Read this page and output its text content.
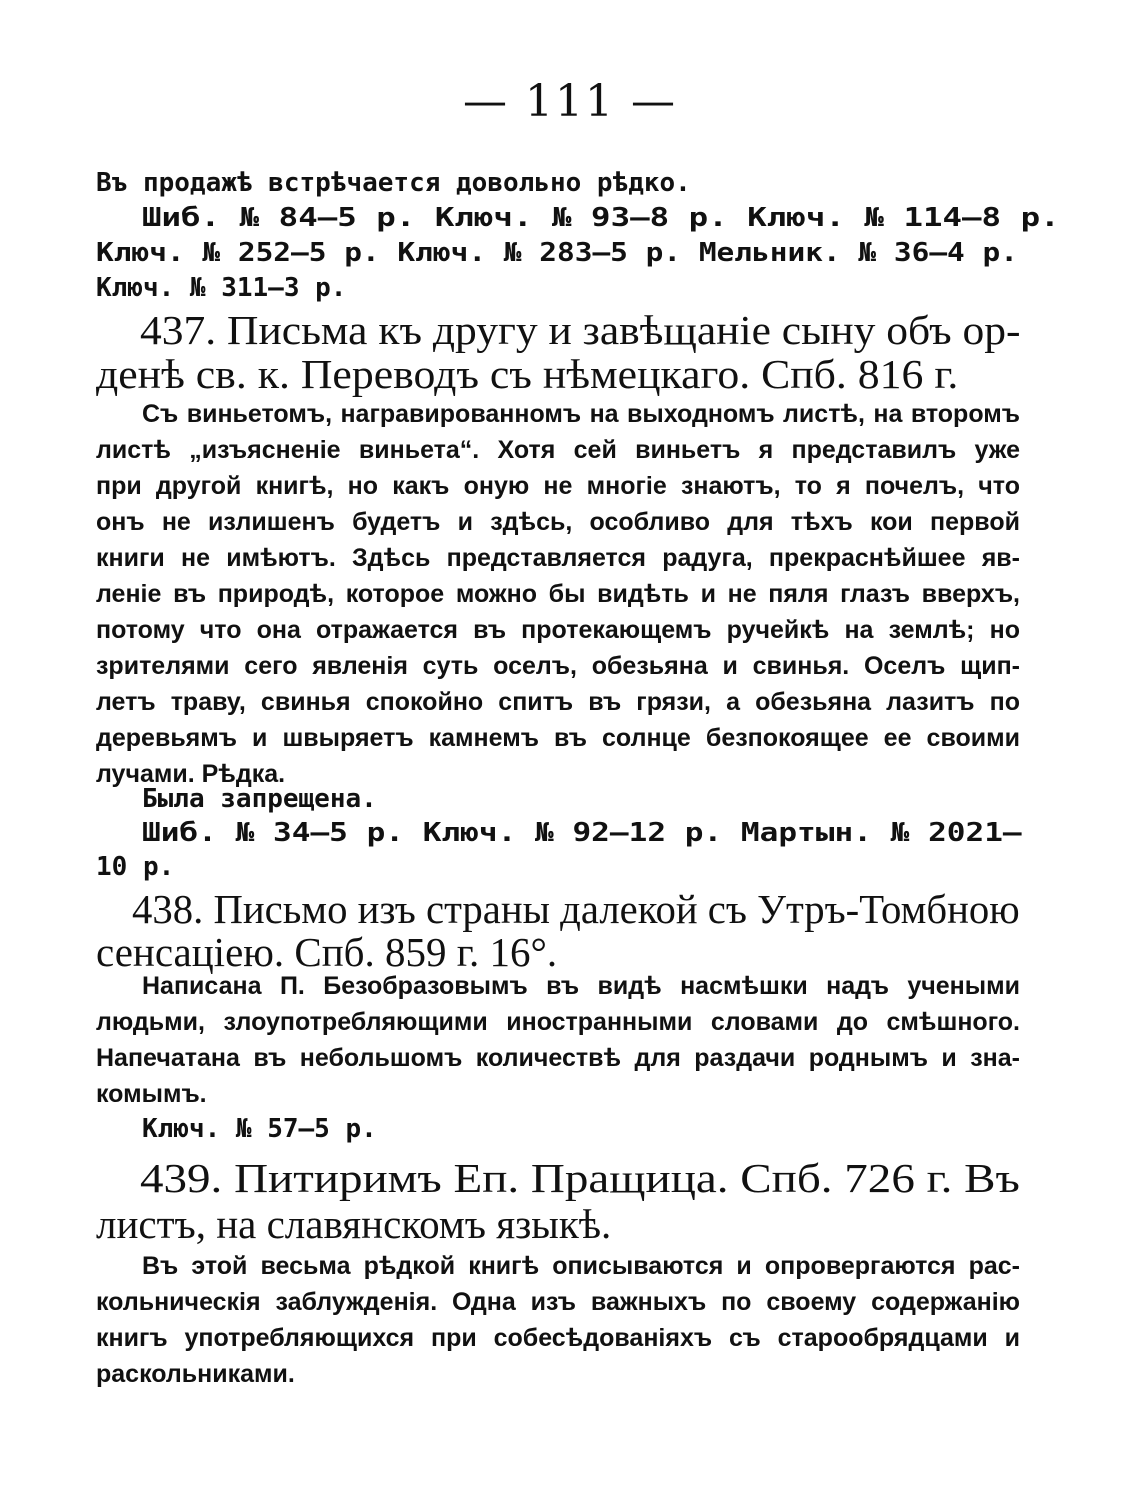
— 111 —
Въ продажѣ встрѣчается довольно рѣдко.
Шиб. № 84—5 р. Ключ. № 93—8 р. Ключ. № 114—8 р.
Ключ. № 252—5 р. Ключ. № 283—5 р. Мельник. № 36—4 р.
Ключ. № 311—3 р.
437. Письма къ другу и завѣщаніе сыну объ ор-
денѣ св. к. Переводъ съ нѣмецкаго. Спб. 816 г.
Съ виньетомъ, награвированномъ на выходномъ листѣ, на второмъ
листѣ „изъясненіе виньета“. Хотя сей виньетъ я представилъ уже
при другой книгѣ, но какъ оную не многіе знаютъ, то я почелъ, что
онъ не излишенъ будетъ и здѣсь, особливо для тѣхъ кои первой
книги не имѣютъ. Здѣсь представляется радуга, прекраснѣйшее яв-
леніе въ природѣ, которое можно бы видѣть и не пяля глазъ вверхъ,
потому что она отражается въ протекающемъ ручейкѣ на землѣ; но
зрителями сего явленія суть оселъ, обезьяна и свинья. Оселъ щип-
летъ траву, свинья спокойно спитъ въ грязи, а обезьяна лазитъ по
деревьямъ и швыряетъ камнемъ въ солнце безпокоящее ее своими
лучами. Рѣдка.
Была запрещена.
Шиб. № 34—5 р. Ключ. № 92—12 р. Мартын. № 2021—
10 р.
438. Письмо изъ страны далекой съ Утръ-Томбною
сенсаціею. Спб. 859 г. 16°.
Написана П. Безобразовымъ въ видѣ насмѣшки надъ учеными
людьми, злоупотребляющими иностранными словами до смѣшного.
Напечатана въ небольшомъ количествѣ для раздачи роднымъ и зна-
комымъ.
Ключ. № 57—5 р.
439. Питиримъ Еп. Пращица. Спб. 726 г. Въ
листъ, на славянскомъ языкѣ.
Въ этой весьма рѣдкой книгѣ описываются и опровергаются рас-
кольническія заблужденія. Одна изъ важныхъ по своему содержанію
книгъ употребляющихся при собесѣдованіяхъ съ старообрядцами и
раскольниками.
